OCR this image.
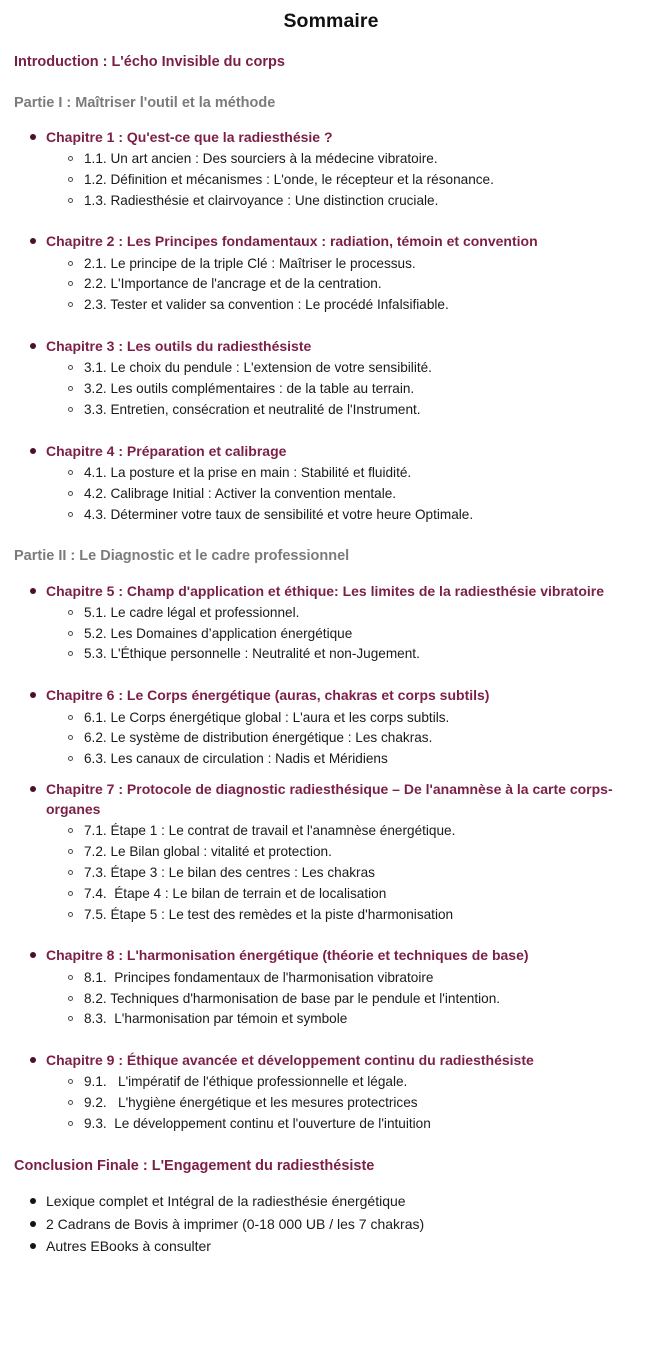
Sommaire
Introduction : L'écho Invisible du corps
Partie I : Maîtriser l'outil et la méthode
Chapitre 1 : Qu'est-ce que la radiesthésie ?
1.1. Un art ancien : Des sourciers à la médecine vibratoire.
1.2. Définition et mécanismes : L'onde, le récepteur et la résonance.
1.3. Radiesthésie et clairvoyance : Une distinction cruciale.
Chapitre 2 : Les Principes fondamentaux : radiation, témoin et convention
2.1. Le principe de la triple Clé : Maîtriser le processus.
2.2. L'Importance de l'ancrage et de la centration.
2.3. Tester et valider sa convention : Le procédé Infalsifiable.
Chapitre 3 : Les outils du radiesthésiste
3.1. Le choix du pendule : L'extension de votre sensibilité.
3.2. Les outils complémentaires : de la table au terrain.
3.3. Entretien, consécration et neutralité de l'Instrument.
Chapitre 4 : Préparation et calibrage
4.1. La posture et la prise en main : Stabilité et fluidité.
4.2. Calibrage Initial : Activer la convention mentale.
4.3. Déterminer votre taux de sensibilité et votre heure Optimale.
Partie II : Le Diagnostic et le cadre professionnel
Chapitre 5 : Champ d'application et éthique: Les limites de la radiesthésie vibratoire
5.1. Le cadre légal et professionnel.
5.2. Les Domaines d’application énergétique
5.3. L'Éthique personnelle : Neutralité et non-Jugement.
Chapitre 6 : Le Corps énergétique (auras, chakras et corps subtils)
6.1. Le Corps énergétique global : L'aura et les corps subtils.
6.2. Le système de distribution énergétique : Les chakras.
6.3. Les canaux de circulation : Nadis et Méridiens
Chapitre 7 : Protocole de diagnostic radiesthésique – De l'anamnèse à la carte corps-organes
7.1. Étape 1 : Le contrat de travail et l'anamnèse énergétique.
7.2. Le Bilan global : vitalité et protection.
7.3. Étape 3 : Le bilan des centres : Les chakras
7.4.  Étape 4 : Le bilan de terrain et de localisation
7.5. Étape 5 : Le test des remèdes et la piste d'harmonisation
Chapitre 8 : L'harmonisation énergétique (théorie et techniques de base)
8.1.  Principes fondamentaux de l'harmonisation vibratoire
8.2. Techniques d'harmonisation de base par le pendule et l'intention.
8.3.  L'harmonisation par témoin et symbole
Chapitre 9 : Éthique avancée et développement continu du radiesthésiste
9.1.   L'impératif de l'éthique professionnelle et légale.
9.2.   L'hygiène énergétique et les mesures protectrices
9.3.  Le développement continu et l'ouverture de l'intuition
Conclusion Finale : L'Engagement du radiesthésiste
Lexique complet et Intégral de la radiesthésie énergétique
2 Cadrans de Bovis à imprimer (0-18 000 UB / les 7 chakras)
Autres EBooks à consulter
